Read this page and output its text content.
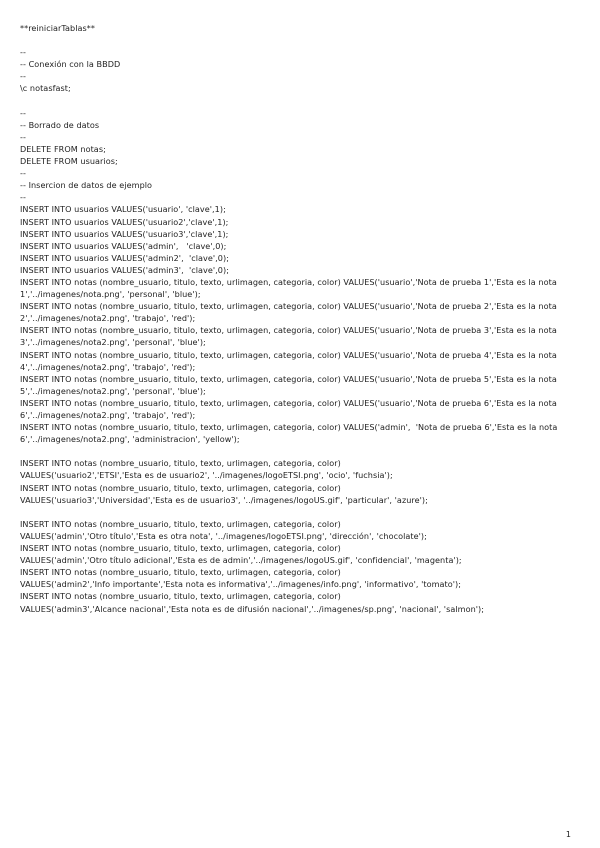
**reiniciarTablas**
--
-- Conexión con la BBDD
--
\c notasfast;
--
-- Borrado de datos
--
DELETE FROM notas;
DELETE FROM usuarios;
--
-- Insercion de datos de ejemplo
--
INSERT INTO usuarios VALUES('usuario', 'clave',1);
INSERT INTO usuarios VALUES('usuario2','clave',1);
INSERT INTO usuarios VALUES('usuario3','clave',1);
INSERT INTO usuarios VALUES('admin',   'clave',0);
INSERT INTO usuarios VALUES('admin2',  'clave',0);
INSERT INTO usuarios VALUES('admin3',  'clave',0);
INSERT INTO notas (nombre_usuario, titulo, texto, urlimagen, categoria, color) VALUES('usuario','Nota de prueba 1','Esta es la nota 1','../imagenes/nota.png', 'personal', 'blue');
INSERT INTO notas (nombre_usuario, titulo, texto, urlimagen, categoria, color) VALUES('usuario','Nota de prueba 2','Esta es la nota 2','../imagenes/nota2.png', 'trabajo', 'red');
INSERT INTO notas (nombre_usuario, titulo, texto, urlimagen, categoria, color) VALUES('usuario','Nota de prueba 3','Esta es la nota 3','../imagenes/nota2.png', 'personal', 'blue');
INSERT INTO notas (nombre_usuario, titulo, texto, urlimagen, categoria, color) VALUES('usuario','Nota de prueba 4','Esta es la nota 4','../imagenes/nota2.png', 'trabajo', 'red');
INSERT INTO notas (nombre_usuario, titulo, texto, urlimagen, categoria, color) VALUES('usuario','Nota de prueba 5','Esta es la nota 5','../imagenes/nota2.png', 'personal', 'blue');
INSERT INTO notas (nombre_usuario, titulo, texto, urlimagen, categoria, color) VALUES('usuario','Nota de prueba 6','Esta es la nota 6','../imagenes/nota2.png', 'trabajo', 'red');
INSERT INTO notas (nombre_usuario, titulo, texto, urlimagen, categoria, color) VALUES('admin',  'Nota de prueba 6','Esta es la nota 6','../imagenes/nota2.png', 'administracion', 'yellow');
INSERT INTO notas (nombre_usuario, titulo, texto, urlimagen, categoria, color)
VALUES('usuario2','ETSI','Esta es de usuario2', '../imagenes/logoETSI.png', 'ocio', 'fuchsia');
INSERT INTO notas (nombre_usuario, titulo, texto, urlimagen, categoria, color)
VALUES('usuario3','Universidad','Esta es de usuario3', '../imagenes/logoUS.gif', 'particular', 'azure');
INSERT INTO notas (nombre_usuario, titulo, texto, urlimagen, categoria, color)
VALUES('admin','Otro título','Esta es otra nota', '../imagenes/logoETSI.png', 'dirección', 'chocolate');
INSERT INTO notas (nombre_usuario, titulo, texto, urlimagen, categoria, color)
VALUES('admin','Otro título adicional','Esta es de admin','../imagenes/logoUS.gif', 'confidencial', 'magenta');
INSERT INTO notas (nombre_usuario, titulo, texto, urlimagen, categoria, color)
VALUES('admin2','Info importante','Esta nota es informativa','../imagenes/info.png', 'informativo', 'tomato');
INSERT INTO notas (nombre_usuario, titulo, texto, urlimagen, categoria, color)
VALUES('admin3','Alcance nacional','Esta nota es de difusión nacional','../imagenes/sp.png', 'nacional', 'salmon');
1
